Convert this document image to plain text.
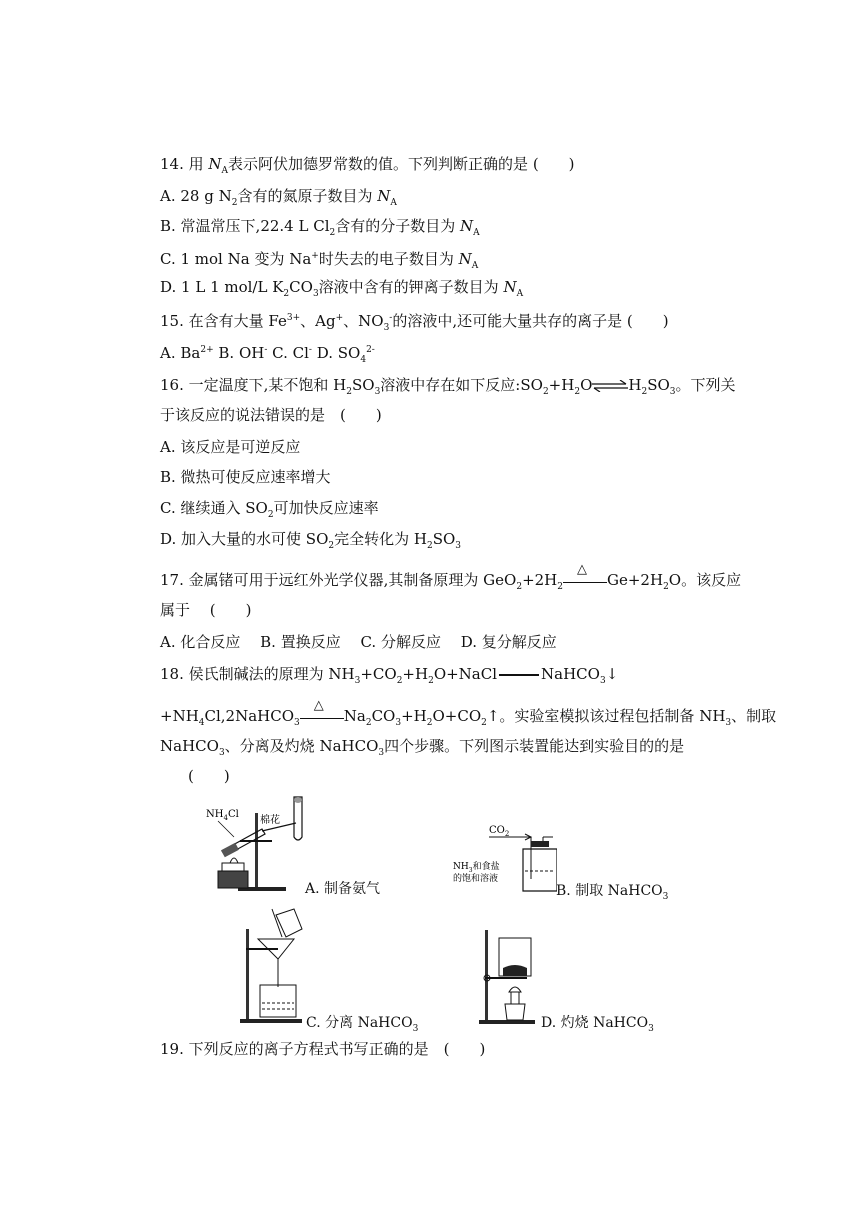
14. 用 $N_A$表示阿伏加德罗常数的值。下列判断正确的是 (　　)
A. 28 g $N_2$含有的氮原子数目为 $N_A$
B. 常温常压下,22.4 L $Cl_2$含有的分子数目为 $N_A$
C. 1 mol Na 变为 Na+时失去的电子数目为 $N_A$
D. 1 L 1 mol/L $K_2CO_3$溶液中含有的钾离子数目为 $N_A$
15. 在含有大量 $Fe^{3+}$、Ag+、$NO_3^-$的溶液中,还可能大量共存的离子是 (　　)
A. $Ba^{2+}$ B. OH- C. Cl- D. $SO_4^{2-}$
16. 一定温度下,某不饱和 $H_2SO_3$溶液中存在如下反应$:SO_2+H_2O\rightleftharpoons H_2SO_3$。下列关
于该反应的说法错误的是　(　　)
A. 该反应是可逆反应
B. 微热可使反应速率增大
C. 继续通入 $SO_2$可加快反应速率
D. 加入大量的水可使 $SO_2$完全转化为 $H_2SO_3$
17. 金属锗可用于远红外光学仪器,其制备原理为 $GeO_2+2H_2$
△
$Ge+2H_2O$。该反应
属于　 (　　)
A. 化合反应　 B. 置换反应　 C. 分解反应　 D. 复分解反应
18. 侯氏制碱法的原理为 $NH_3+CO_2+H_2O+NaCl$	NaHCO$_3$↓
$+NH_4Cl,2NaHCO_3$
△
$Na_2CO_3+H_2O+CO_2↑$。实验室模拟该过程包括制备 $NH_3$、制取
NaHCO$_3$、分离及灼烧 NaHCO$_3$四个步骤。下列图示装置能达到实验目的的是
(　　)
$NH_4Cl$
棉花
A. 制备氨气
$CO_2$
$NH_3$和食盐
的饱和溶液
B. 制取 NaHCO$_3$
C. 分离 NaHCO$_3$	D. 灼烧 NaHCO$_3$
19. 下列反应的离子方程式书写正确的是　(　　)
